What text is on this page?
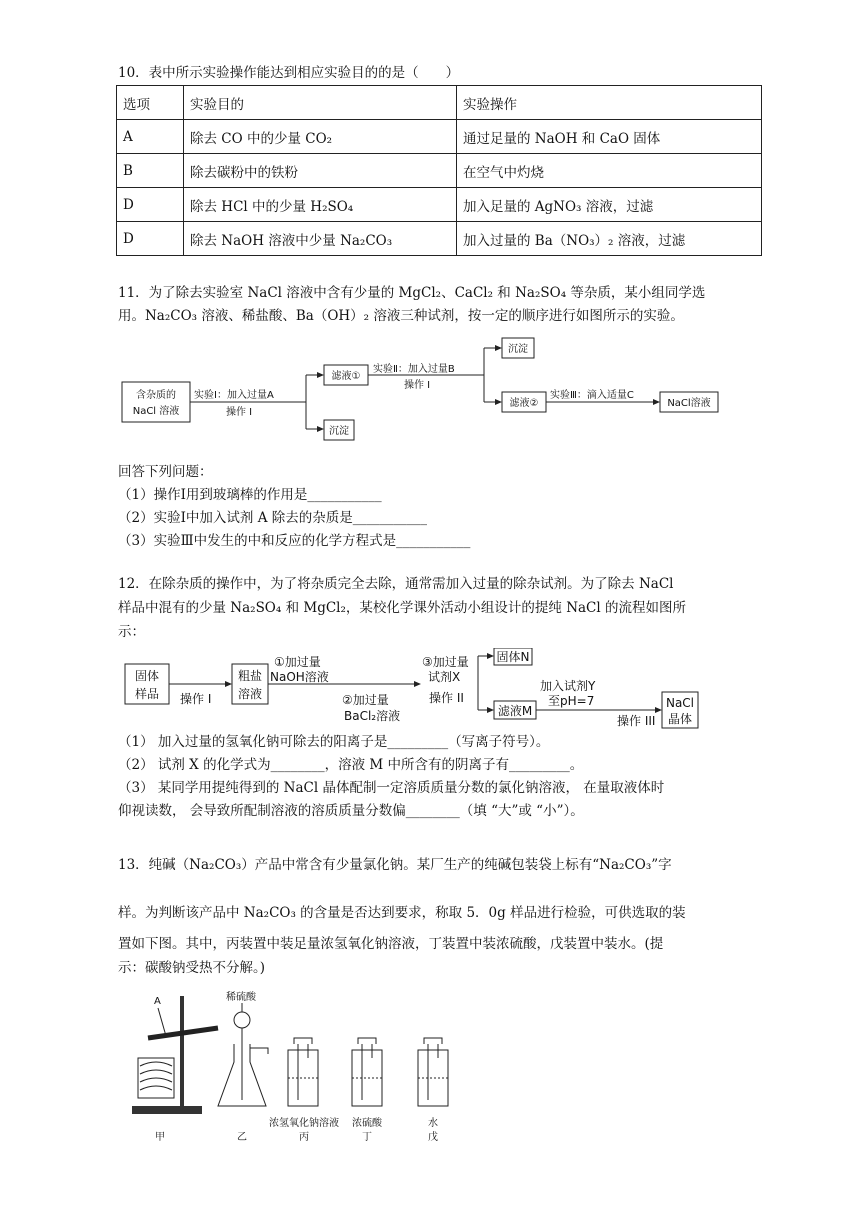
10．表中所示实验操作能达到相应实验目的的是（　　）
选项	实验目的	实验操作
A	除去 CO 中的少量 CO₂	通过足量的 NaOH 和 CaO 固体
B	除去碳粉中的铁粉	在空气中灼烧
D	除去 HCl 中的少量 H₂SO₄	加入足量的 AgNO₃ 溶液，过滤
D	除去 NaOH 溶液中少量 Na₂CO₃	加入过量的 Ba（NO₃）₂ 溶液，过滤
11．为了除去实验室 NaCl 溶液中含有少量的 MgCl₂、CaCl₂ 和 Na₂SO₄ 等杂质，某小组同学选
用。Na₂CO₃ 溶液、稀盐酸、Ba（OH）₂ 溶液三种试剂，按一定的顺序进行如图所示的实验。
含杂质的
NaCl 溶液
实验Ⅰ：加入过量A
操作 I
滤液①
沉淀
实验Ⅱ：加入过量B
操作 I
沉淀
滤液②
实验Ⅲ：滴入适量C
NaCl溶液
回答下列问题：
（1）操作I用到玻璃棒的作用是___________
（2）实验I中加入试剂 A 除去的杂质是___________
（3）实验Ⅲ中发生的中和反应的化学方程式是___________
12．在除杂质的操作中，为了将杂质完全去除，通常需加入过量的除杂试剂。为了除去 NaCl
样品中混有的少量 Na₂SO₄ 和 MgCl₂，某校化学课外活动小组设计的提纯 NaCl 的流程如图所
示：
固体
样品 操作 I
粗盐
溶液
①加过量
NaOH溶液
②加过量
BaCl₂溶液
③加过量
试剂X
操作 II
固体N
滤液M
加入试剂Y
至pH=7
操作 III
NaCl
晶体
（1） 加入过量的氢氧化钠可除去的阳离子是_________（写离子符号）。
（2） 试剂 X 的化学式为________，溶液 M 中所含有的阴离子有_________。
（3） 某同学用提纯得到的 NaCl 晶体配制一定溶质质量分数的氯化钠溶液， 在量取液体时
仰视读数， 会导致所配制溶液的溶质质量分数偏________（填 “大”或 “小”）。
13．纯碱（Na₂CO₃）产品中常含有少量氯化钠。某厂生产的纯碱包装袋上标有“Na₂CO₃”字
样。为判断该产品中 Na₂CO₃ 的含量是否达到要求，称取 5．0g 样品进行检验，可供选取的装
置如下图。其中，丙装置中装足量浓氢氧化钠溶液，丁装置中装浓硫酸，戊装置中装水。(提
示：碳酸钠受热不分解。)
A
甲
稀硫酸
乙
浓氢氧化钠溶液
丙
浓硫酸
丁
水
戊
